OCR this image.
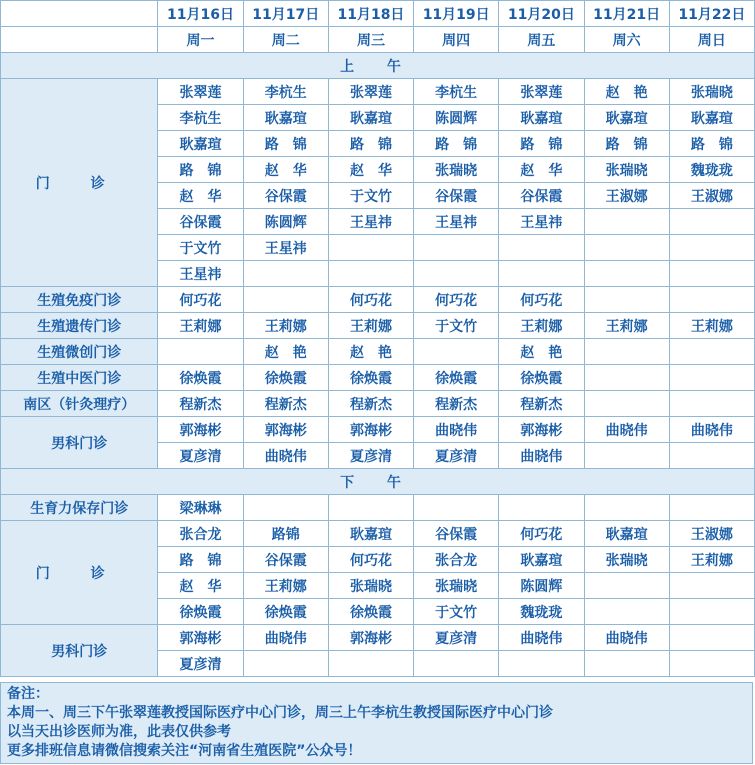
	11月16日	11月17日	11月18日	11月19日	11月20日	11月21日	11月22日
	周一	周二	周三	周四	周五	周六	周日
上 午							
门 诊	张翠莲	李杭生	张翠莲	李杭生	张翠莲	赵　艳	张瑞晓
	李杭生	耿嘉瑄	耿嘉瑄	陈圆辉	耿嘉瑄	耿嘉瑄	耿嘉瑄
	耿嘉瑄	路　锦	路　锦	路　锦	路　锦	路　锦	路　锦
	路　锦	赵　华	赵　华	张瑞晓	赵　华	张瑞晓	魏珑珑
	赵　华	谷保霞	于文竹	谷保霞	谷保霞	王淑娜	王淑娜
	谷保霞	陈圆辉	王星祎	王星祎	王星祎		
	于文竹	王星祎					
	王星祎						
生殖免疫门诊	何巧花		何巧花	何巧花	何巧花		
生殖遗传门诊	王莉娜	王莉娜	王莉娜	于文竹	王莉娜	王莉娜	王莉娜
生殖微创门诊		赵　艳	赵　艳		赵　艳		
生殖中医门诊	徐焕霞	徐焕霞	徐焕霞	徐焕霞	徐焕霞		
南区（针灸理疗）	程新杰	程新杰	程新杰	程新杰	程新杰		
男科门诊	郭海彬	郭海彬	郭海彬	曲晓伟	郭海彬	曲晓伟	曲晓伟
	夏彦清	曲晓伟	夏彦清	夏彦清	曲晓伟		
下 午							
生育力保存门诊	梁琳琳						
门 诊	张合龙	路锦	耿嘉瑄	谷保霞	何巧花	耿嘉瑄	王淑娜
	路　锦	谷保霞	何巧花	张合龙	耿嘉瑄	张瑞晓	王莉娜
	赵　华	王莉娜	张瑞晓	张瑞晓	陈圆辉		
	徐焕霞	徐焕霞	徐焕霞	于文竹	魏珑珑		
男科门诊	郭海彬	曲晓伟	郭海彬	夏彦清	曲晓伟	曲晓伟	
	夏彦清						
备注：
本周一、周三下午张翠莲教授国际医疗中心门诊，周三上午李杭生教授国际医疗中心门诊
以当天出诊医师为准，此表仅供参考
更多排班信息请微信搜索关注“河南省生殖医院”公众号！
